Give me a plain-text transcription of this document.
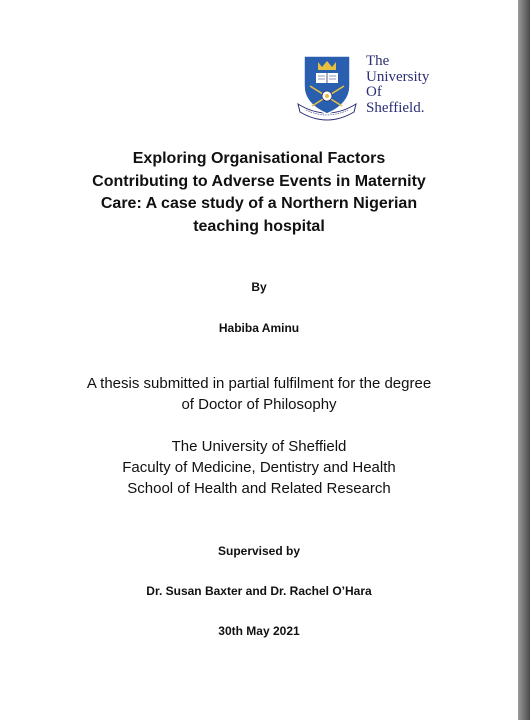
The
University
Of
Sheffield.
Exploring Organisational Factors
Contributing to Adverse Events in Maternity
Care: A case study of a Northern Nigerian
teaching hospital
By
Habiba Aminu
A thesis submitted in partial fulfilment for the degree
of Doctor of Philosophy
The University of Sheffield
Faculty of Medicine, Dentistry and Health
School of Health and Related Research
Supervised by
Dr. Susan Baxter and Dr. Rachel O’Hara
30th May 2021
